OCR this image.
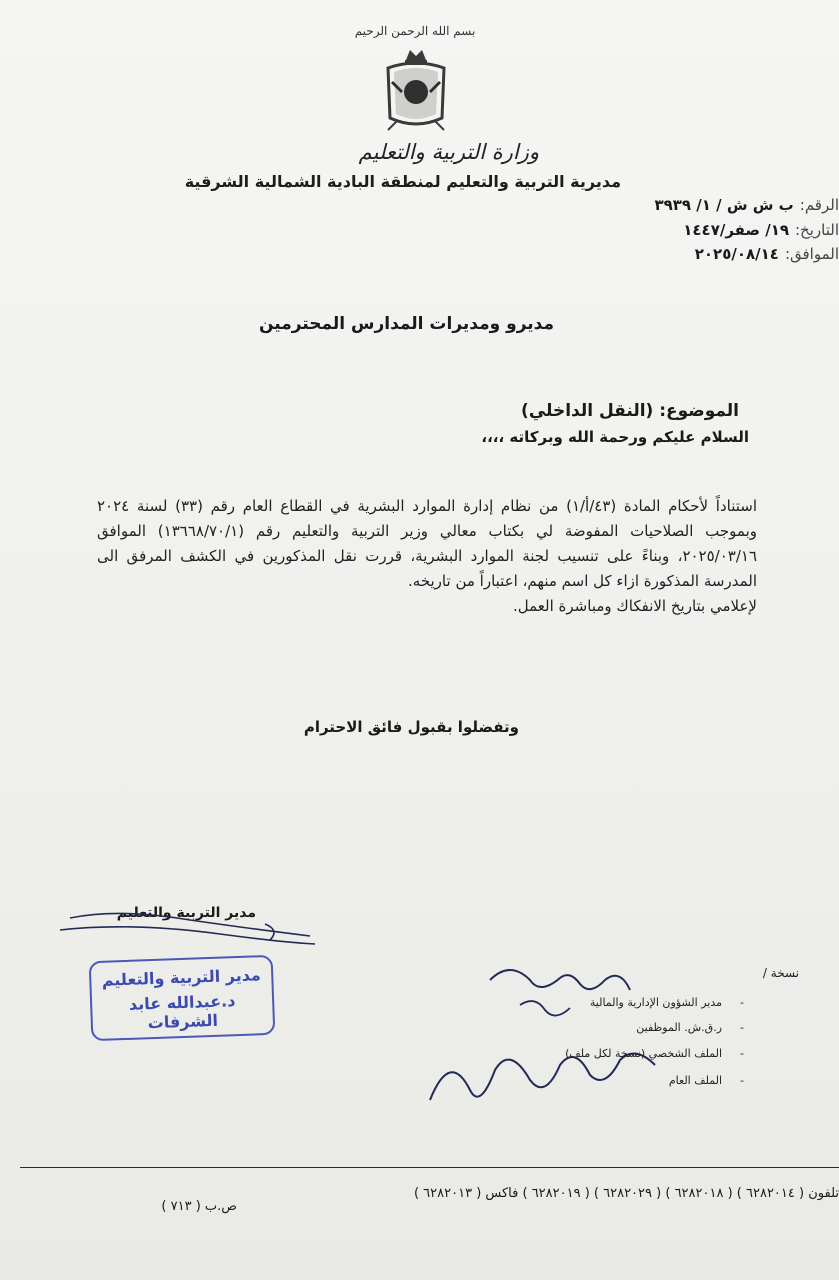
بسم الله الرحمن الرحيم
وزارة التربية والتعليم
مديرية التربية والتعليم لمنطقة البادية الشمالية الشرقية
الرقم:ب ش ش / ١/ ٣٩٣٩
التاريخ:١٩/ صفر/١٤٤٧
الموافق:٢٠٢٥/٠٨/١٤
مديرو ومديرات المدارس المحترمين
الموضوع: (النقل الداخلي)
السلام عليكم ورحمة الله وبركاته ،،،،
استناداً لأحكام المادة (٤٣/أ/١) من نظام إدارة الموارد البشرية في القطاع العام رقم (٣٣) لسنة ٢٠٢٤ وبموجب الصلاحيات المفوضة لي بكتاب معالي وزير التربية والتعليم رقم (١٣٦٦٨/٧٠/١) الموافق ٢٠٢٥/٠٣/١٦، وبناءً على تنسيب لجنة الموارد البشرية، قررت نقل المذكورين في الكشف المرفق الى المدرسة المذكورة ازاء كل اسم منهم، اعتباراً من تاريخه.
لإعلامي بتاريخ الانفكاك ومباشرة العمل.
وتفضلوا بقبول فائق الاحترام
مدير التربية والتعليم
مدير التربية والتعليم
د.عبدالله عابد الشرفات
نسخة /
-مدير الشؤون الإدارية والمالية
-ر.ق.ش. الموظفين
-الملف الشخصي (نسخة لكل ملف)
-الملف العام
تلفون ( ٦٢٨٢٠١٤ ) ( ٦٢٨٢٠١٨ ) ( ٦٢٨٢٠٢٩ ) ( ٦٢٨٢٠١٩ ) فاكس ( ٦٢٨٢٠١٣ )
ص.ب ( ٧١٣ )
